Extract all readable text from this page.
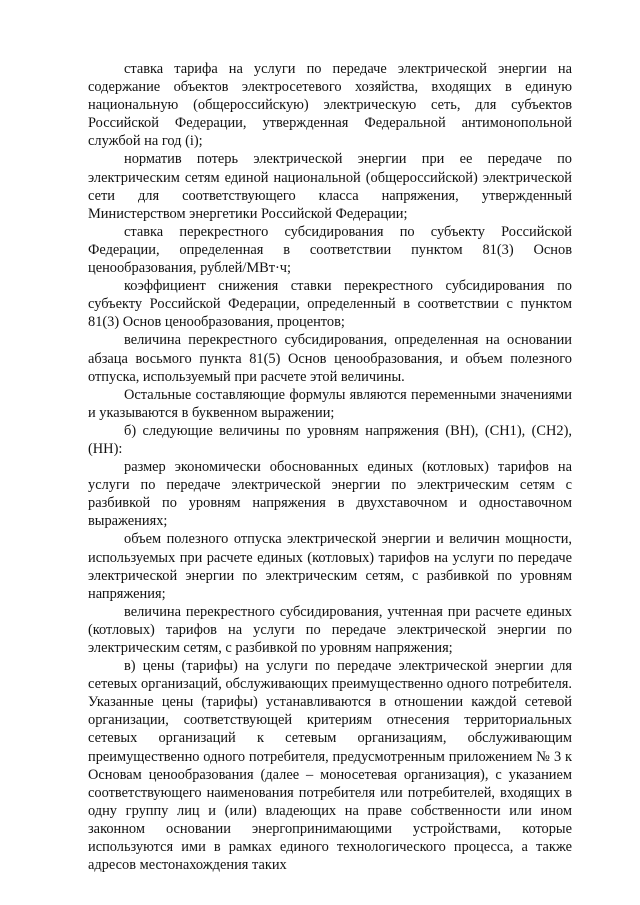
ставка тарифа на услуги по передаче электрической энергии на содержание объектов электросетевого хозяйства, входящих в единую национальную (общероссийскую) электрическую сеть, для субъектов Российской Федерации, утвержденная Федеральной антимонопольной службой на год (i);

норматив потерь электрической энергии при ее передаче по электрическим сетям единой национальной (общероссийской) электрической сети для соответствующего класса напряжения, утвержденный Министерством энергетики Российской Федерации;

ставка перекрестного субсидирования по субъекту Российской Федерации, определенная в соответствии пунктом 81(3) Основ ценообразования, рублей/МВт·ч;

коэффициент снижения ставки перекрестного субсидирования по субъекту Российской Федерации, определенный в соответствии с пунктом 81(3) Основ ценообразования, процентов;

величина перекрестного субсидирования, определенная на основании абзаца восьмого пункта 81(5) Основ ценообразования, и объем полезного отпуска, используемый при расчете этой величины.

Остальные составляющие формулы являются переменными значениями и указываются в буквенном выражении;

б) следующие величины по уровням напряжения (ВН), (СН1), (СН2), (НН):

размер экономически обоснованных единых (котловых) тарифов на услуги по передаче электрической энергии по электрическим сетям с разбивкой по уровням напряжения в двухставочном и одноставочном выражениях;

объем полезного отпуска электрической энергии и величин мощности, используемых при расчете единых (котловых) тарифов на услуги по передаче электрической энергии по электрическим сетям, с разбивкой по уровням напряжения;

величина перекрестного субсидирования, учтенная при расчете единых (котловых) тарифов на услуги по передаче электрической энергии по электрическим сетям, с разбивкой по уровням напряжения;

в) цены (тарифы) на услуги по передаче электрической энергии для сетевых организаций, обслуживающих преимущественно одного потребителя. Указанные цены (тарифы) устанавливаются в отношении каждой сетевой организации, соответствующей критериям отнесения территориальных сетевых организаций к сетевым организациям, обслуживающим преимущественно одного потребителя, предусмотренным приложением № 3 к Основам ценообразования (далее – моносетевая организация), с указанием соответствующего наименования потребителя или потребителей, входящих в одну группу лиц и (или) владеющих на праве собственности или ином законном основании энергопринимающими устройствами, которые используются ими в рамках единого технологического процесса, а также адресов местонахождения таких
